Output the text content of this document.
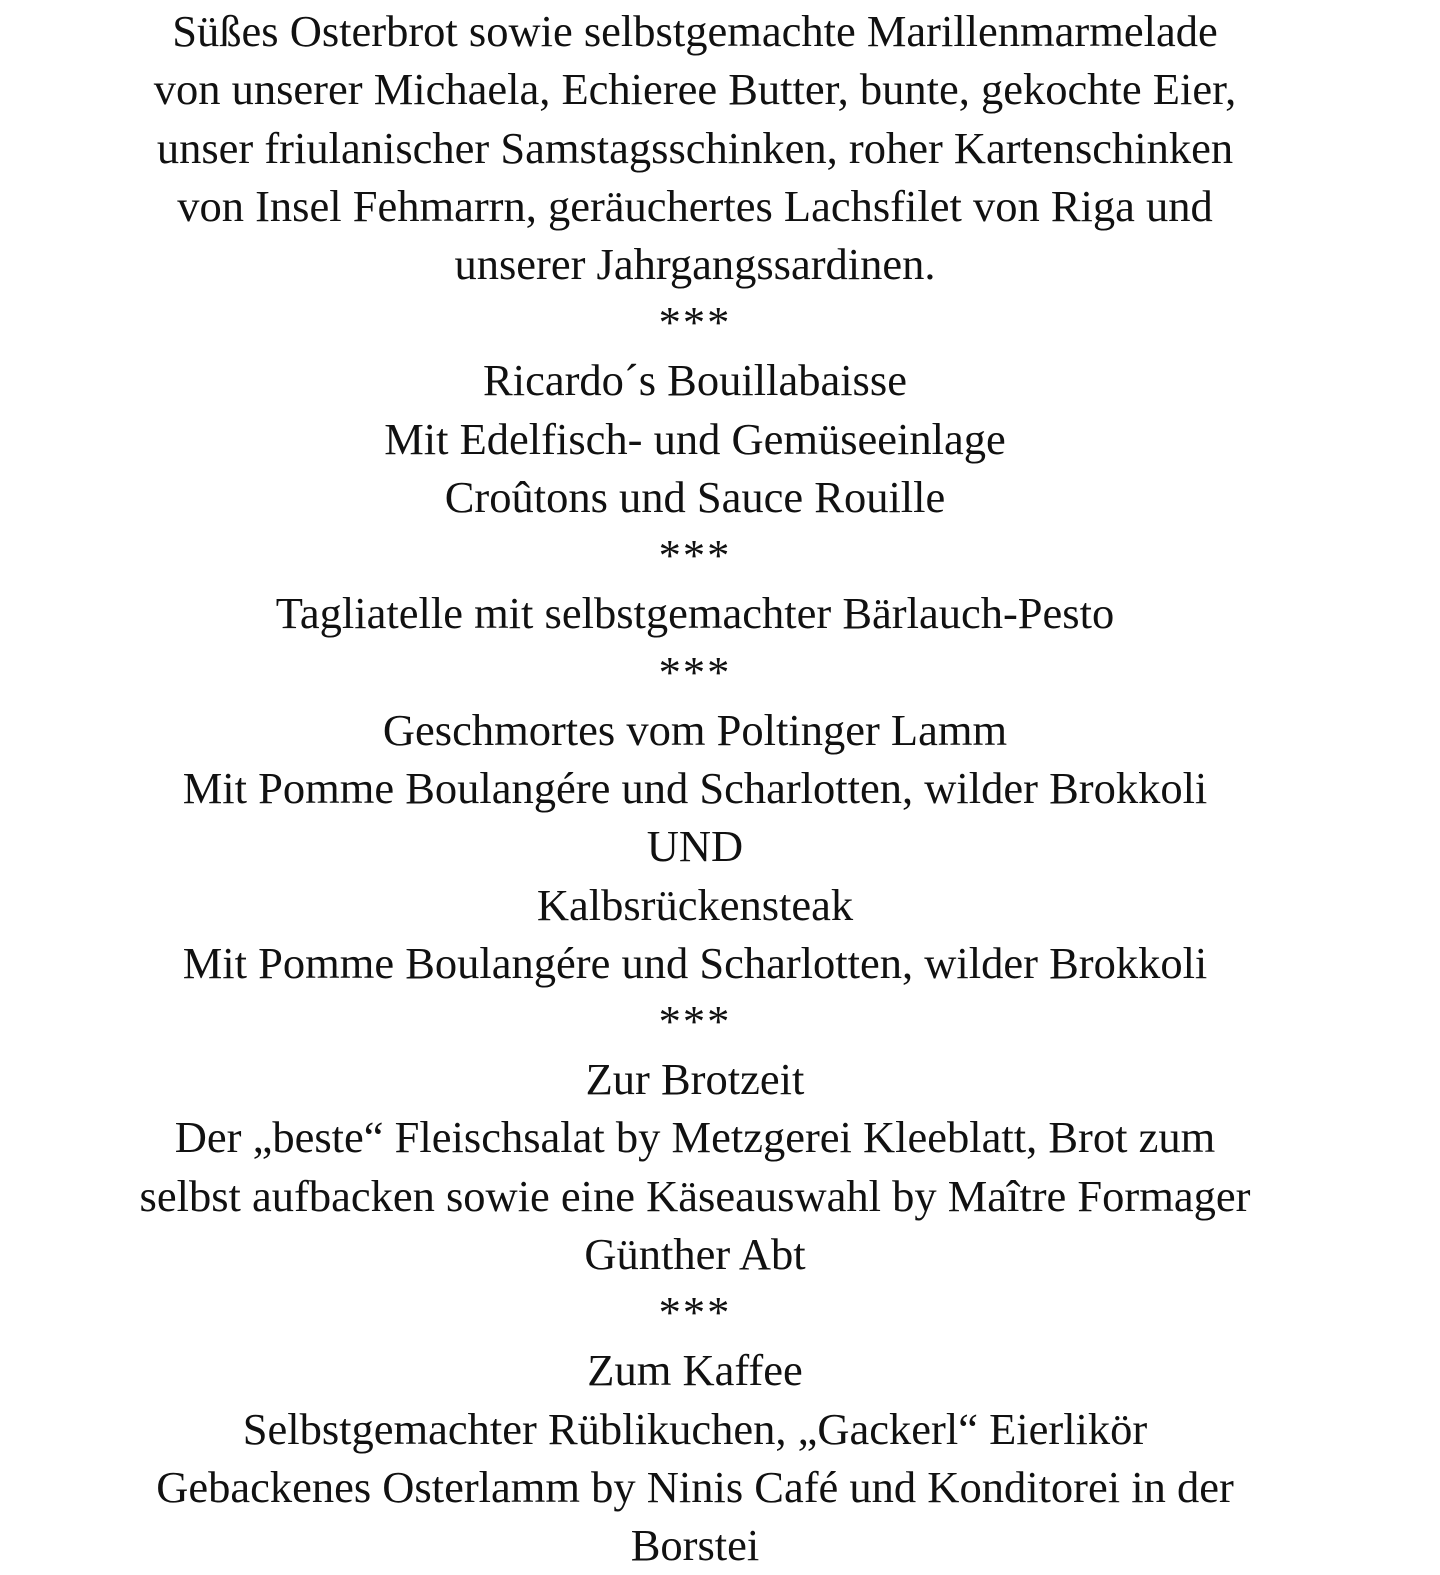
Süßes Osterbrot sowie selbstgemachte Marillenmarmelade
von unserer Michaela, Echieree Butter, bunte, gekochte Eier,
unser friulanischer Samstagsschinken, roher Kartenschinken
von Insel Fehmarrn, geräuchertes Lachsfilet von Riga und
unserer Jahrgangssardinen.
***
Ricardo´s Bouillabaisse
Mit Edelfisch- und Gemüseeinlage
Croûtons und Sauce Rouille
***
Tagliatelle mit selbstgemachter Bärlauch-Pesto
***
Geschmortes vom Poltinger Lamm
Mit Pomme Boulangére und Scharlotten, wilder Brokkoli
UND
Kalbsrückensteak
Mit Pomme Boulangére und Scharlotten, wilder Brokkoli
***
Zur Brotzeit
Der „beste“ Fleischsalat by Metzgerei Kleeblatt, Brot zum
selbst aufbacken sowie eine Käseauswahl by Maître Formager
Günther Abt
***
Zum Kaffee
Selbstgemachter Rüblikuchen, „Gackerl“ Eierlikör
Gebackenes Osterlamm by Ninis Café und Konditorei in der
Borstei
